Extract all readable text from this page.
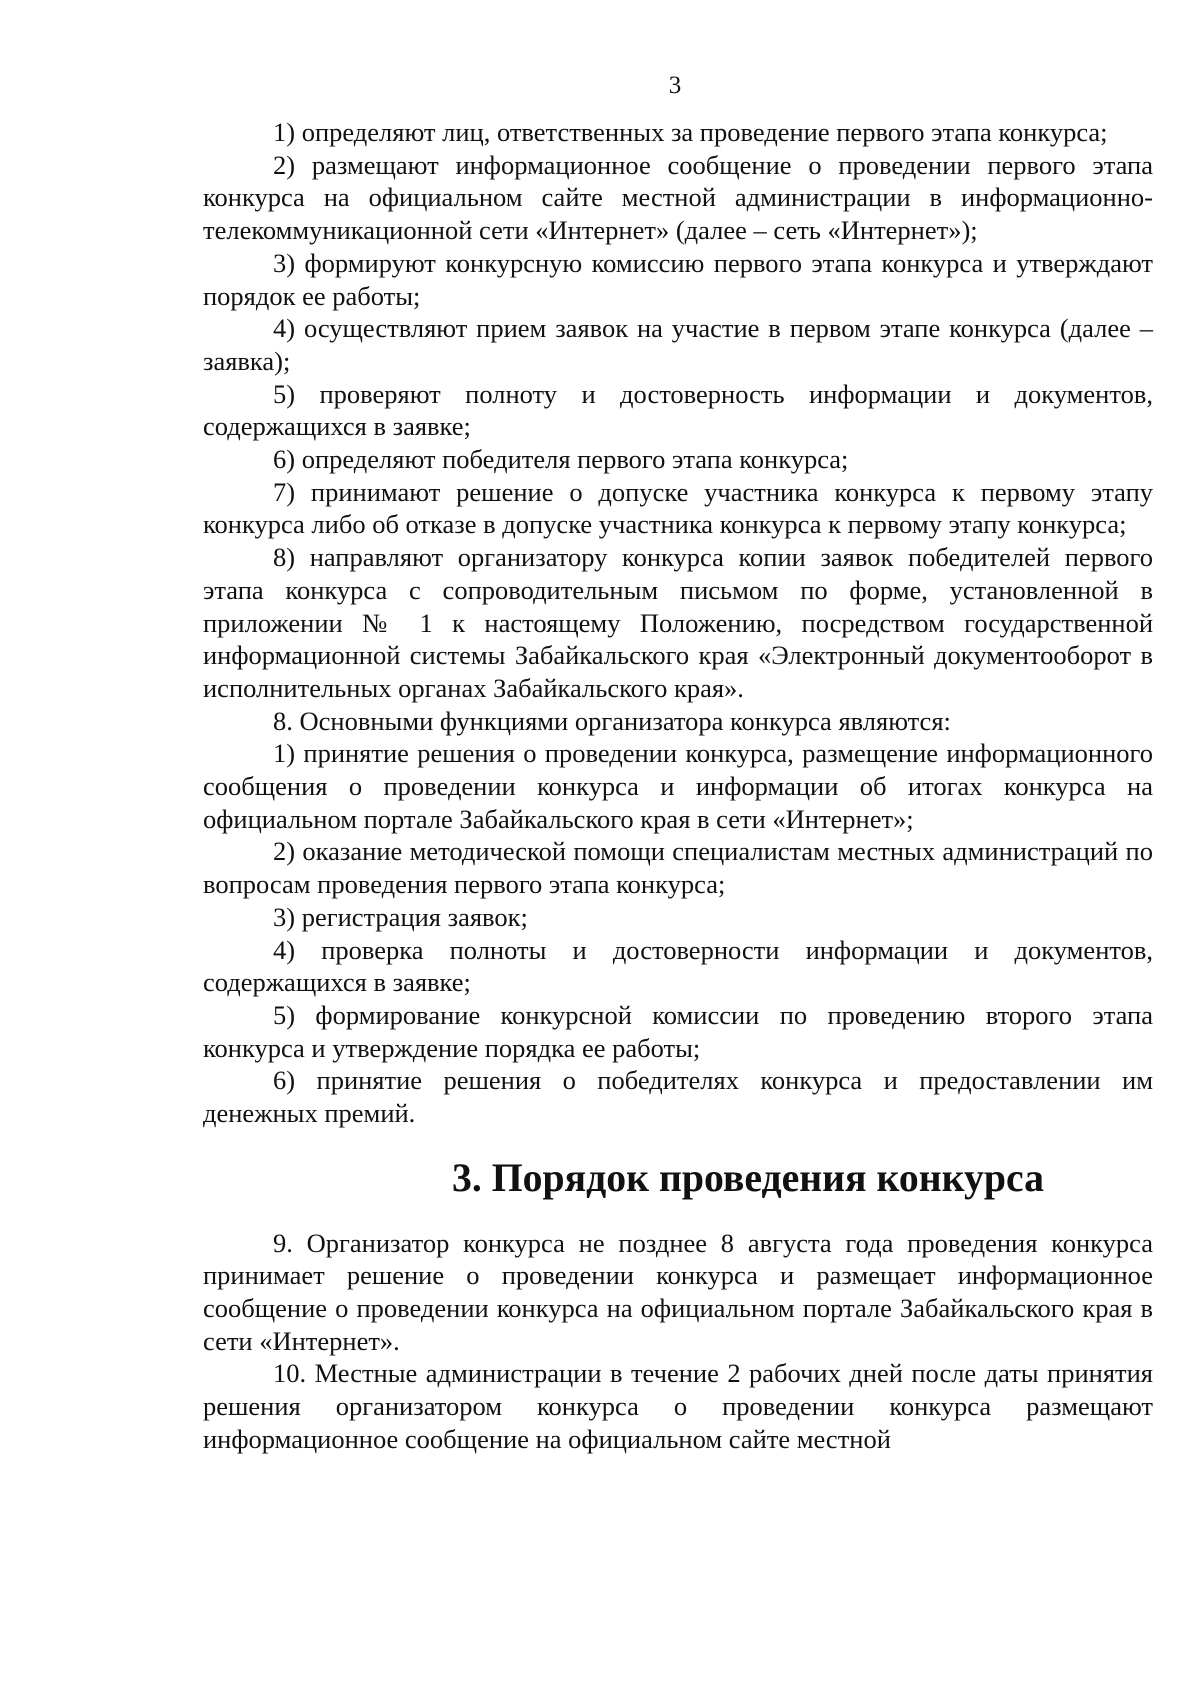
3

1) определяют лиц, ответственных за проведение первого этапа конкурса;

2) размещают информационное сообщение о проведении первого этапа конкурса на официальном сайте местной администрации в информационно-телекоммуникационной сети «Интернет» (далее – сеть «Интернет»);

3) формируют конкурсную комиссию первого этапа конкурса и утверждают порядок ее работы;

4) осуществляют прием заявок на участие в первом этапе конкурса (далее – заявка);

5) проверяют полноту и достоверность информации и документов, содержащихся в заявке;

6) определяют победителя первого этапа конкурса;

7) принимают решение о допуске участника конкурса к первому этапу конкурса либо об отказе в допуске участника конкурса к первому этапу конкурса;

8) направляют организатору конкурса копии заявок победителей первого этапа конкурса с сопроводительным письмом по форме, установленной в приложении № 1 к настоящему Положению, посредством государственной информационной системы Забайкальского края «Электронный документооборот в исполнительных органах Забайкальского края».

8. Основными функциями организатора конкурса являются:

1) принятие решения о проведении конкурса, размещение информационного сообщения о проведении конкурса и информации об итогах конкурса на официальном портале Забайкальского края в сети «Интернет»;

2) оказание методической помощи специалистам местных администраций по вопросам проведения первого этапа конкурса;

3) регистрация заявок;

4) проверка полноты и достоверности информации и документов, содержащихся в заявке;

5) формирование конкурсной комиссии по проведению второго этапа конкурса и утверждение порядка ее работы;

6) принятие решения о победителях конкурса и предоставлении им денежных премий.

3. Порядок проведения конкурса

9. Организатор конкурса не позднее 8 августа года проведения конкурса принимает решение о проведении конкурса и размещает информационное сообщение о проведении конкурса на официальном портале Забайкальского края в сети «Интернет».

10. Местные администрации в течение 2 рабочих дней после даты принятия решения организатором конкурса о проведении конкурса размещают информационное сообщение на официальном сайте местной
